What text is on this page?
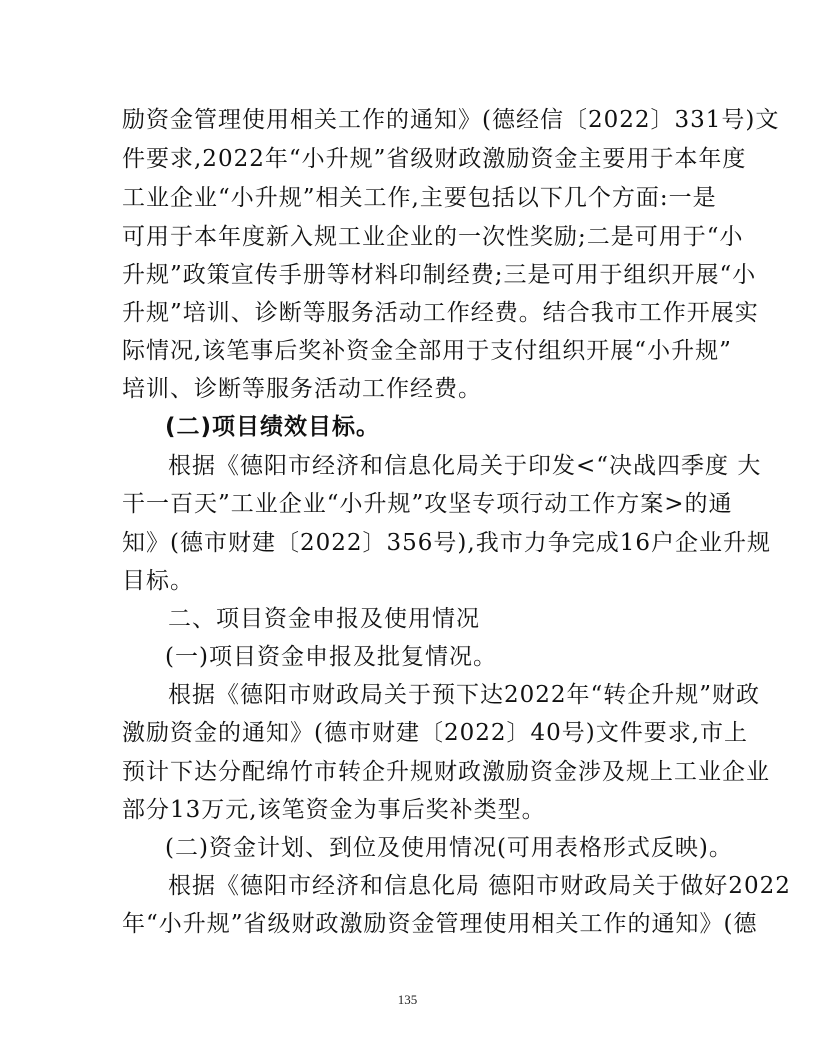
励资金管理使用相关工作的通知》(德经信〔2022〕331号)文
件要求,2022年“小升规”省级财政激励资金主要用于本年度
工业企业“小升规”相关工作,主要包括以下几个方面:一是
可用于本年度新入规工业企业的一次性奖励;二是可用于“小
升规”政策宣传手册等材料印制经费;三是可用于组织开展“小
升规”培训、诊断等服务活动工作经费。结合我市工作开展实
际情况,该笔事后奖补资金全部用于支付组织开展“小升规”
培训、诊断等服务活动工作经费。
(二)项目绩效目标。
根据《德阳市经济和信息化局关于印发<“决战四季度 大
干一百天”工业企业“小升规”攻坚专项行动工作方案>的通
知》(德市财建〔2022〕356号),我市力争完成16户企业升规
目标。
二、项目资金申报及使用情况
(一)项目资金申报及批复情况。
根据《德阳市财政局关于预下达2022年“转企升规”财政
激励资金的通知》(德市财建〔2022〕40号)文件要求,市上
预计下达分配绵竹市转企升规财政激励资金涉及规上工业企业
部分13万元,该笔资金为事后奖补类型。
(二)资金计划、到位及使用情况(可用表格形式反映)。
根据《德阳市经济和信息化局 德阳市财政局关于做好2022
年“小升规”省级财政激励资金管理使用相关工作的通知》(德
135
